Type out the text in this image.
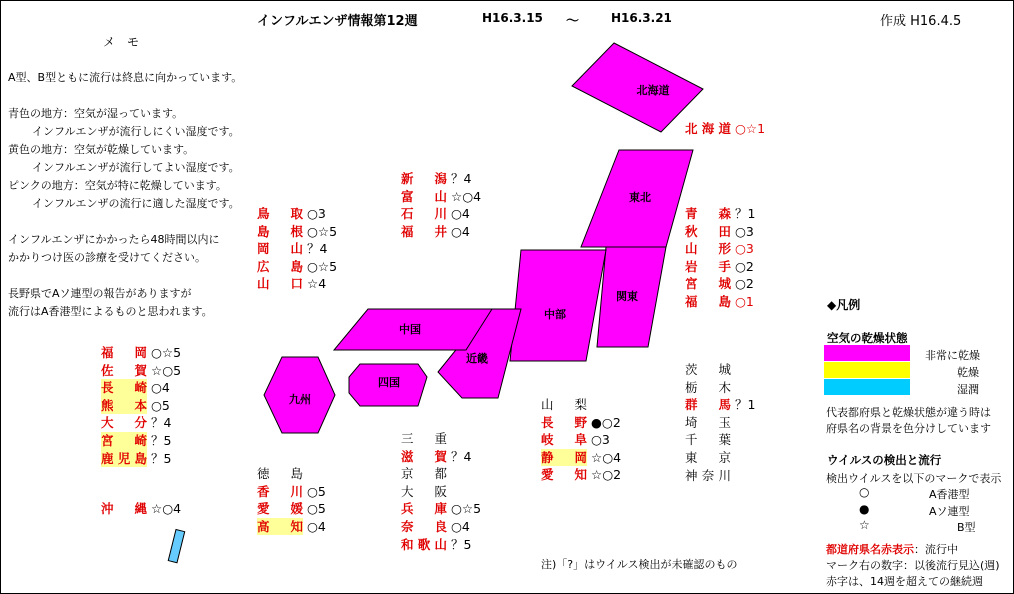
インフルエンザ情報第12週	H16.3.15 ～	H16.3.21	作成 H16.4.5
メ　モ

A型、B型ともに流行は終息に向かっています。

青色の地方：空気が湿っています。

インフルエンザが流行しにくい湿度です。

黄色の地方：空気が乾燥しています。

インフルエンザが流行してよい湿度です。

ピンクの地方：空気が特に乾燥しています。

インフルエンザの流行に適した湿度です。

インフルエンザにかかったら48時間以内に

かかりつけ医の診療を受けてください。

長野県でAソ連型の報告がありますが

流行はA香港型によるものと思われます。

北海道
東北
関東
中部
近畿
中国
四国
九州
北海道 ○☆1
青　森 ？1
秋　田 ○3
山　形 ○3
岩　手 ○2
宮　城 ○2
福　島 ○1
新　潟 ？4
富　山 ☆○4
石　川 ○4
福　井 ○4
鳥　取 ○3
島　根 ○☆5
岡　山 ？4
広　島 ○☆5
山　口 ☆4
福　岡 ○☆5
佐　賀 ☆○5
長　崎 ○4
熊　本 ○5
大　分 ？4
宮　崎 ？5
鹿児島 ？5
沖　縄 ☆○4
徳　島
香　川 ○5
愛　媛 ○5
高　知 ○4
三　重
滋　賀 ？4
京　都
大　阪
兵　庫 ○☆5
奈　良 ○4
和歌山 ？5
山　梨
長　野 ●○2
岐　阜 ○3
静　岡 ☆○4
愛　知 ☆○2
茨　城
栃　木
群　馬 ？1
埼　玉
千　葉
東　京
神奈川
注)「?」はウイルス検出が未確認のもの
◆凡例
空気の乾燥状態
非常に乾燥
乾燥
湿潤
代表都府県と乾燥状態が違う時は
府県名の背景を色分けしています
ウイルスの検出と流行
検出ウイルスを以下のマークで表示
○	A香港型
●	Aソ連型
☆	B型
都道府県名赤表示：流行中
マーク右の数字：以後流行見込(週)
赤字は、14週を超えての継続週
